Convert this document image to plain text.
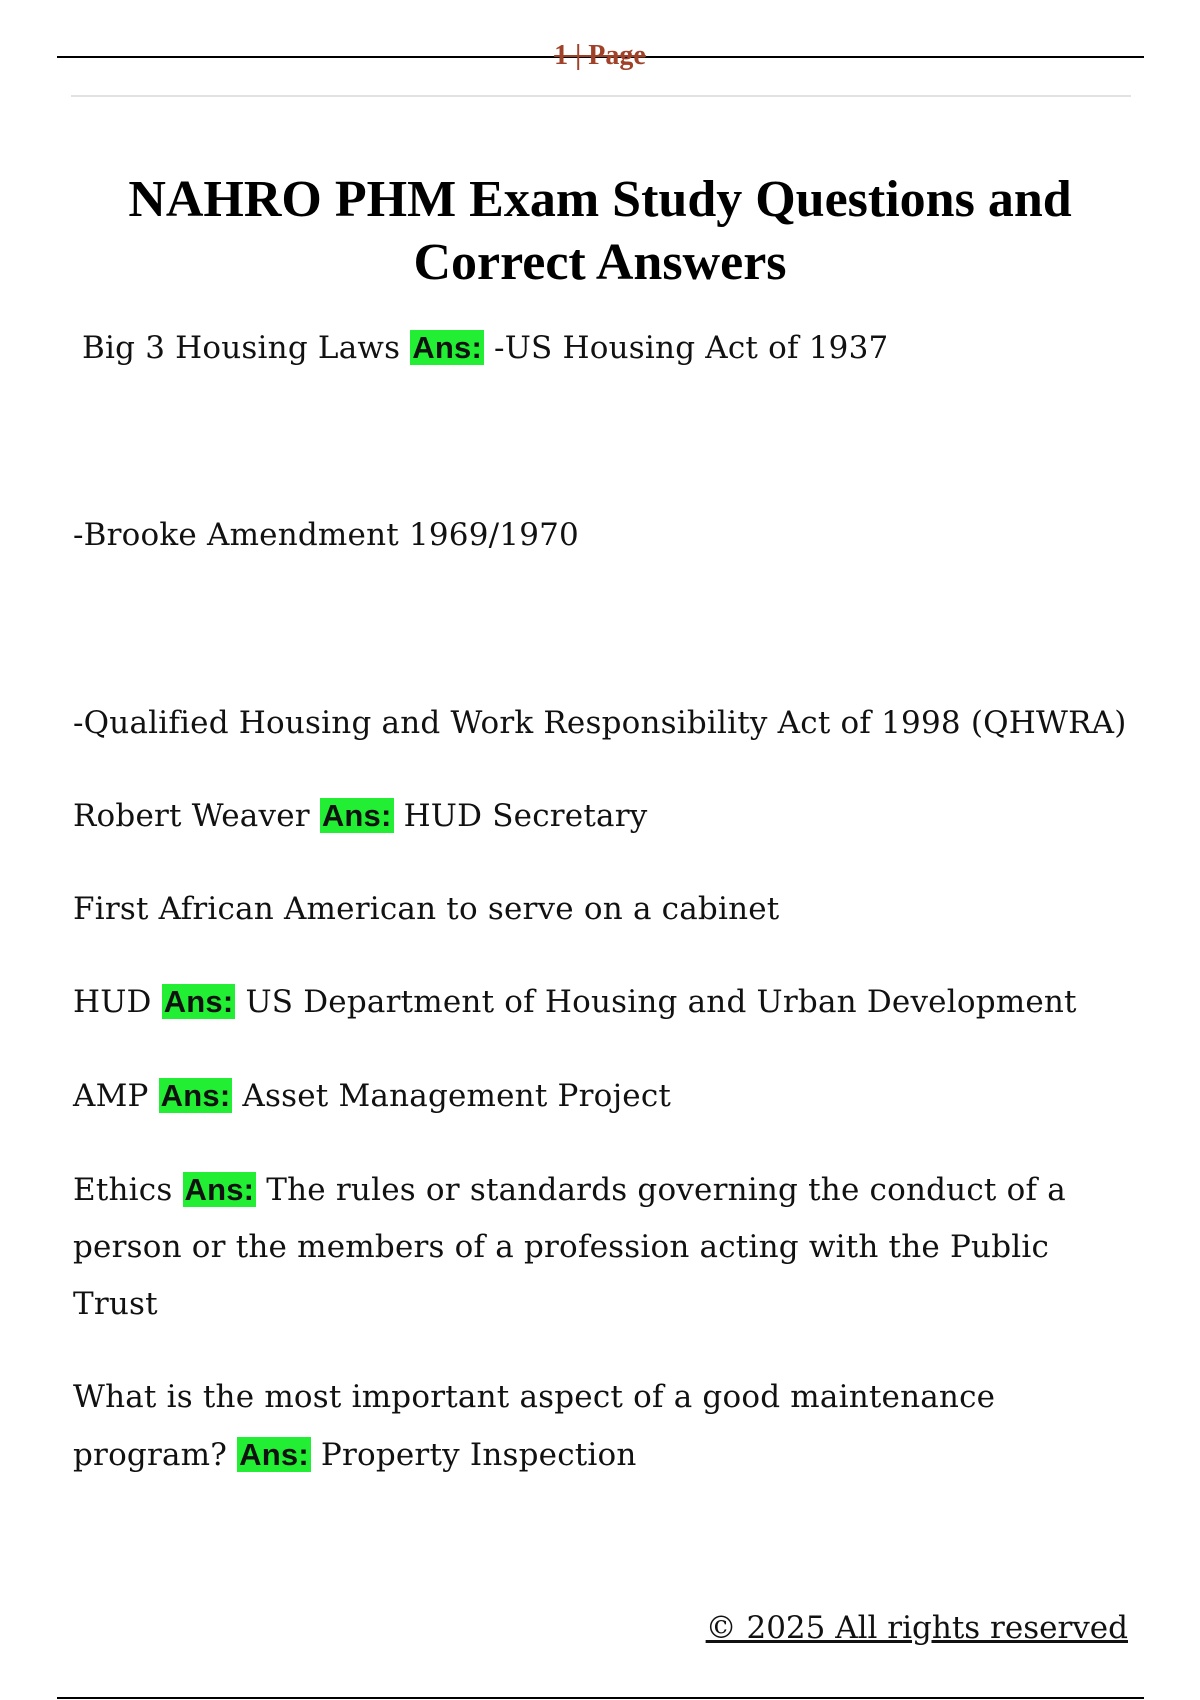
1 | Page
NAHRO PHM Exam Study Questions and Correct Answers
Big 3 Housing Laws Ans: -US Housing Act of 1937
-Brooke Amendment 1969/1970
-Qualified Housing and Work Responsibility Act of 1998 (QHWRA)
Robert Weaver Ans: HUD Secretary
First African American to serve on a cabinet
HUD Ans: US Department of Housing and Urban Development
AMP Ans: Asset Management Project
Ethics Ans: The rules or standards governing the conduct of a
person or the members of a profession acting with the Public
Trust
What is the most important aspect of a good maintenance
program? Ans: Property Inspection
© 2025 All rights reserved
